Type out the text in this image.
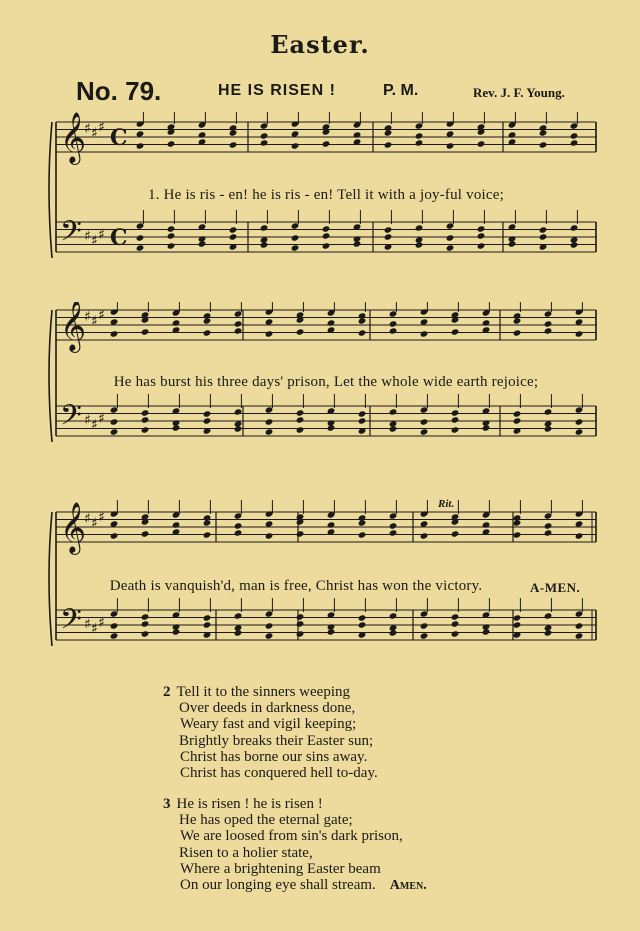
Easter.
No. 79.	HE IS RISEN !	P. M.	Rev. J. F. Young.
𝄞
𝄢
♯ ♯ ♯
♯ ♯ ♯
C
C
1. He is ris - en! he is ris - en! Tell it with a joy-ful voice;
𝄞
𝄢
♯ ♯ ♯
♯ ♯ ♯
He has burst his three days' prison, Let the whole wide earth rejoice;
𝄞
𝄢
♯ ♯ ♯
♯ ♯ ♯
Rit.
Death is vanquish'd, man is free, Christ has won the victory.	A-MEN.
2 Tell it to the sinners weeping
Over deeds in darkness done,
Weary fast and vigil keeping;
Brightly breaks their Easter sun;
Christ has borne our sins away.
Christ has conquered hell to-day.
3 He is risen ! he is risen !
He has oped the eternal gate;
We are loosed from sin's dark prison,
Risen to a holier state,
Where a brightening Easter beam
On our longing eye shall stream. Amen.
